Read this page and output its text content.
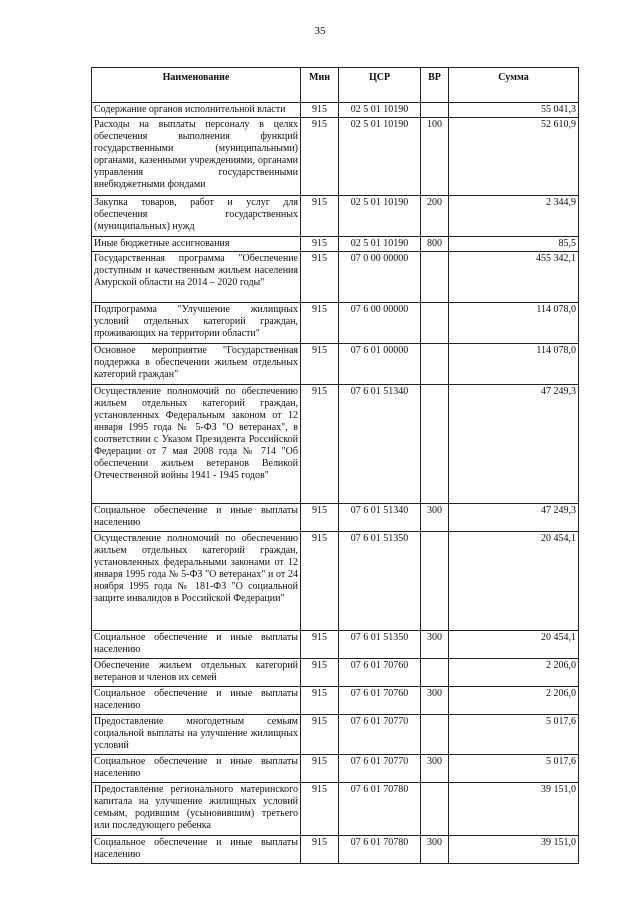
35
Наименование	Мин	ЦСР	ВР	Сумма
Содержание органов исполнительной власти	915	02 5 01 10190		55 041,3
Расходы на выплаты персоналу в целях обеспечения выполнения функций государственными (муниципальными) органами, казенными учреждениями, органами управления государственными внебюджетными фондами	915	02 5 01 10190	100	52 610,9
Закупка товаров, работ и услуг для обеспечения государственных (муниципальных) нужд	915	02 5 01 10190	200	2 344,9
Иные бюджетные ассигнования	915	02 5 01 10190	800	85,5
Государственная программа "Обеспечение доступным и качественным жильем населения Амурской области на 2014 – 2020 годы"	915	07 0 00 00000		455 342,1
Подпрограмма "Улучшение жилищных условий отдельных категорий граждан, проживающих на территории области"	915	07 6 00 00000		114 078,0
Основное мероприятие "Государственная поддержка в обеспечении жильем отдельных категорий граждан"	915	07 6 01 00000		114 078,0
Осуществление полномочий по обеспечению жильем отдельных категорий граждан, установленных Федеральным законом от 12 января 1995 года № 5-ФЗ "О ветеранах", в соответствии с Указом Президента Российской Федерации от 7 мая 2008 года № 714 "Об обеспечении жильем ветеранов Великой Отечественной войны 1941 - 1945 годов"	915	07 6 01 51340		47 249,3
Социальное обеспечение и иные выплаты населению	915	07 6 01 51340	300	47 249,3
Осуществление полномочий по обеспечению жильем отдельных категорий граждан, установленных федеральными законами от 12 января 1995 года № 5-ФЗ "О ветеранах" и от 24 ноября 1995 года № 181-ФЗ "О социальной защите инвалидов в Российской Федерации"	915	07 6 01 51350		20 454,1
Социальное обеспечение и иные выплаты населению	915	07 6 01 51350	300	20 454,1
Обеспечение жильем отдельных категорий ветеранов и членов их семей	915	07 6 01 70760		2 206,0
Социальное обеспечение и иные выплаты населению	915	07 6 01 70760	300	2 206,0
Предоставление многодетным семьям социальной выплаты на улучшение жилищных условий	915	07 6 01 70770		5 017,6
Социальное обеспечение и иные выплаты населению	915	07 6 01 70770	300	5 017,6
Предоставление регионального материнского капитала на улучшение жилищных условий семьям, родившим (усыновившим) третьего или последующего ребенка	915	07 6 01 70780		39 151,0
Социальное обеспечение и иные выплаты населению	915	07 6 01 70780	300	39 151,0
